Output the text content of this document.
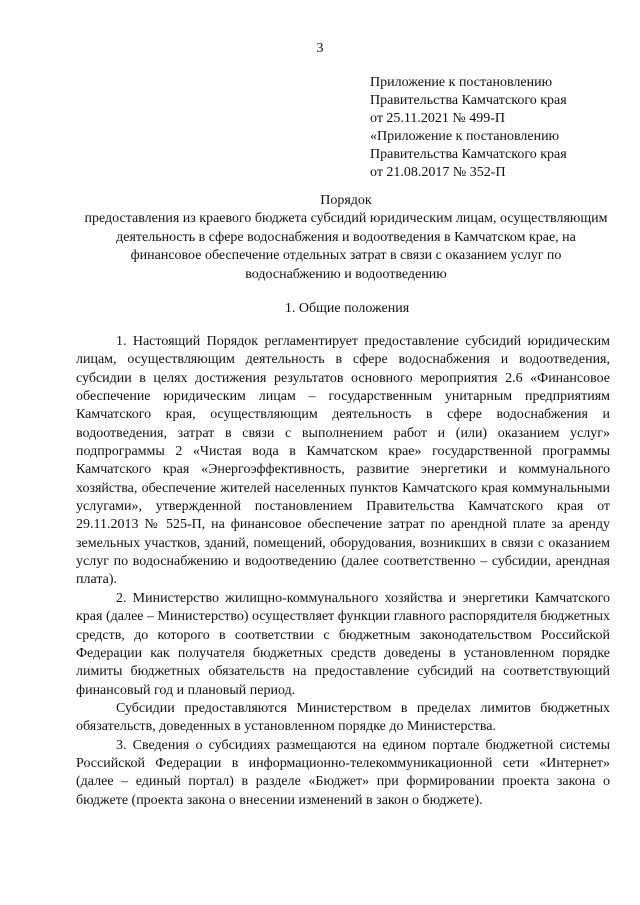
3
Приложение к постановлению
Правительства Камчатского края
от 25.11.2021 № 499-П
«Приложение к постановлению
Правительства Камчатского края
от 21.08.2017 № 352-П
Порядок
предоставления из краевого бюджета субсидий юридическим лицам, осуществляющим деятельность в сфере водоснабжения и водоотведения в Камчатском крае, на финансовое обеспечение отдельных затрат в связи с оказанием услуг по водоснабжению и водоотведению
1. Общие положения

1. Настоящий Порядок регламентирует предоставление субсидий юридическим лицам, осуществляющим деятельность в сфере водоснабжения и водоотведения, субсидии в целях достижения результатов основного мероприятия 2.6 «Финансовое обеспечение юридическим лицам – государственным унитарным предприятиям Камчатского края, осуществляющим деятельность в сфере водоснабжения и водоотведения, затрат в связи с выполнением работ и (или) оказанием услуг» подпрограммы 2 «Чистая вода в Камчатском крае» государственной программы Камчатского края «Энергоэффективность, развитие энергетики и коммунального хозяйства, обеспечение жителей населенных пунктов Камчатского края коммунальными услугами», утвержденной постановлением Правительства Камчатского края от 29.11.2013 № 525-П, на финансовое обеспечение затрат по арендной плате за аренду земельных участков, зданий, помещений, оборудования, возникших в связи с оказанием услуг по водоснабжению и водоотведению (далее соответственно – субсидии, арендная плата).

2. Министерство жилищно-коммунального хозяйства и энергетики Камчатского края (далее – Министерство) осуществляет функции главного распорядителя бюджетных средств, до которого в соответствии с бюджетным законодательством Российской Федерации как получателя бюджетных средств доведены в установленном порядке лимиты бюджетных обязательств на предоставление субсидий на соответствующий финансовый год и плановый период.

Субсидии предоставляются Министерством в пределах лимитов бюджетных обязательств, доведенных в установленном порядке до Министерства.

3. Сведения о субсидиях размещаются на едином портале бюджетной системы Российской Федерации в информационно-телекоммуникационной сети «Интернет» (далее – единый портал) в разделе «Бюджет» при формировании проекта закона о бюджете (проекта закона о внесении изменений в закон о бюджете).
